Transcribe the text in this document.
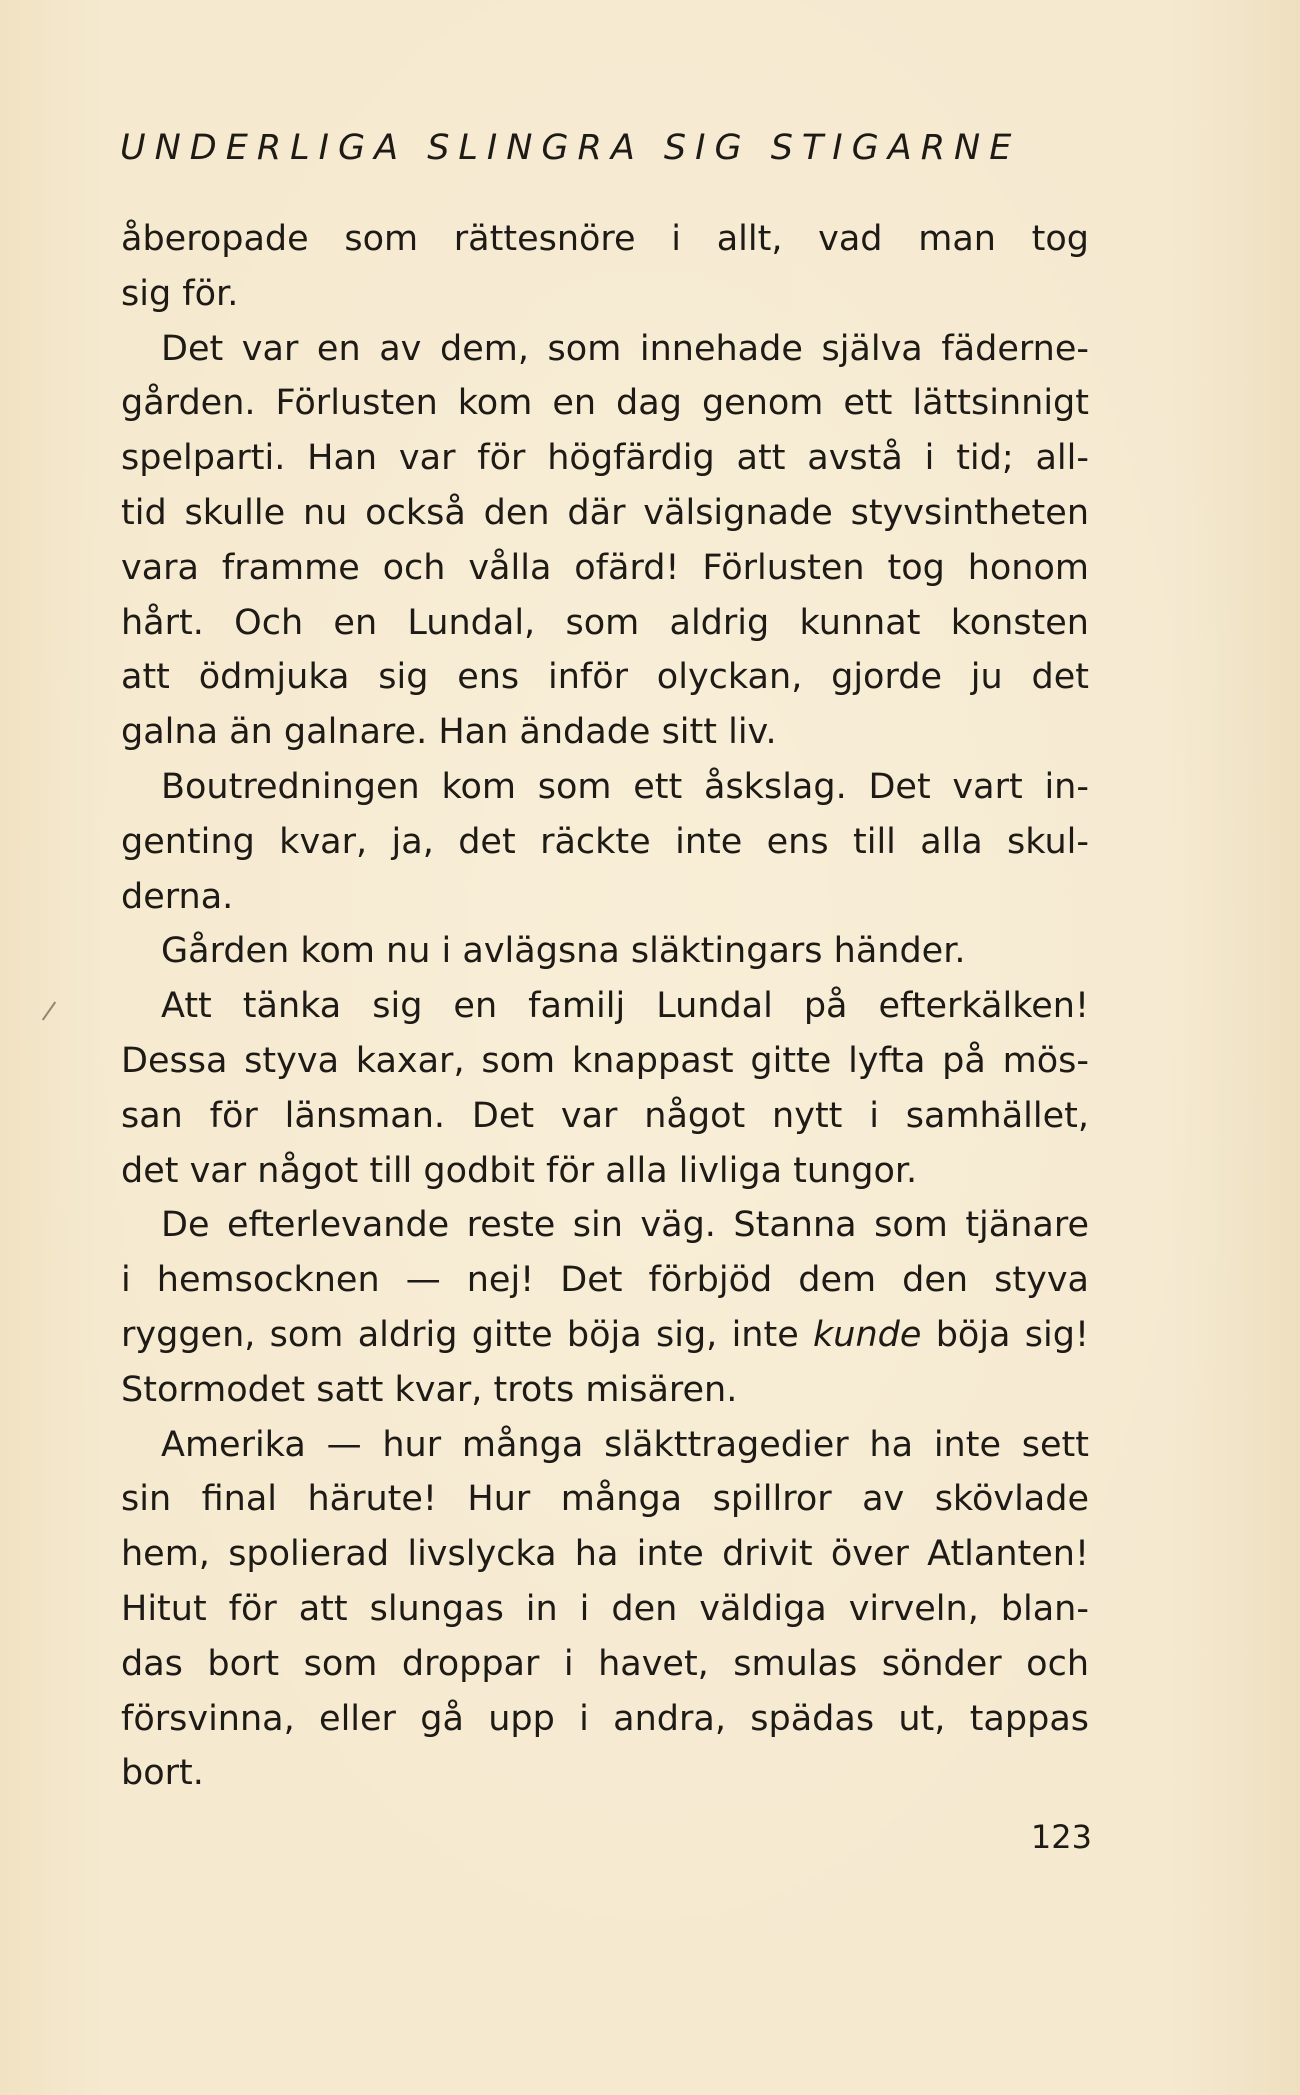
UNDERLIGA SLINGRA SIG STIGARNE
åberopade som rättesnöre i allt, vad man tog
sig för.
Det var en av dem, som innehade själva fäderne-
gården. Förlusten kom en dag genom ett lättsinnigt
spelparti. Han var för högfärdig att avstå i tid; all-
tid skulle nu också den där välsignade styvsintheten
vara framme och vålla ofärd! Förlusten tog honom
hårt. Och en Lundal, som aldrig kunnat konsten
att ödmjuka sig ens inför olyckan, gjorde ju det
galna än galnare. Han ändade sitt liv.
Boutredningen kom som ett åskslag. Det vart in-
genting kvar, ja, det räckte inte ens till alla skul-
derna.
Gården kom nu i avlägsna släktingars händer.
Att tänka sig en familj Lundal på efterkälken!
Dessa styva kaxar, som knappast gitte lyfta på mös-
san för länsman. Det var något nytt i samhället,
det var något till godbit för alla livliga tungor.
De efterlevande reste sin väg. Stanna som tjänare
i hemsocknen — nej! Det förbjöd dem den styva
ryggen, som aldrig gitte böja sig, inte kunde böja sig!
Stormodet satt kvar, trots misären.
Amerika — hur många släkttragedier ha inte sett
sin final härute! Hur många spillror av skövlade
hem, spolierad livslycka ha inte drivit över Atlanten!
Hitut för att slungas in i den väldiga virveln, blan-
das bort som droppar i havet, smulas sönder och
försvinna, eller gå upp i andra, spädas ut, tappas
bort.
123
